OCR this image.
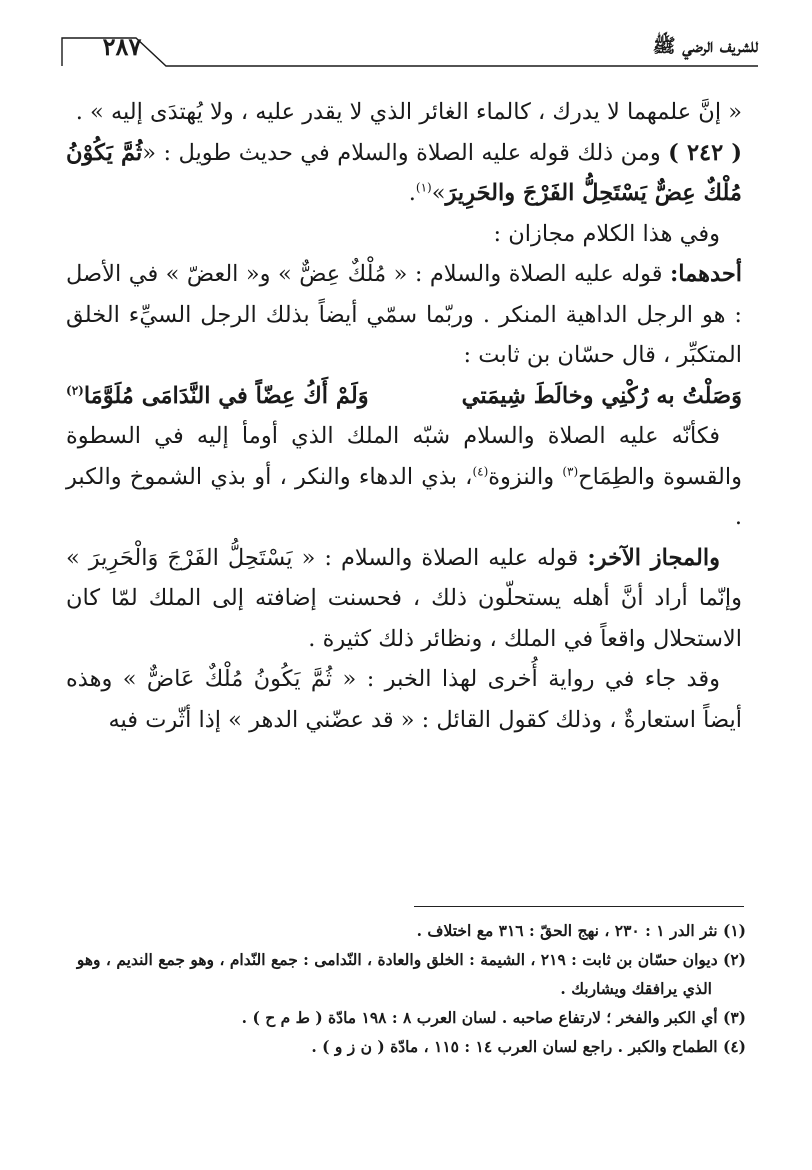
٢٨٧	للشريف الرضي ﷺ

« إنَّ علمهما لا يدرك ، كالماء الغائر الذي لا يقدر عليه ، ولا يُهتدَى إليه » .

( ٢٤٢ ) ومن ذلك قوله عليه الصلاة والسلام في حديث طويل : «ثُمَّ يَكُوْنُ مُلْكٌ عِضٌّ يَسْتَحِلُّ الفَرْجَ والحَرِيرَ»$^{(١)}$.

وفي هذا الكلام مجازان :

أحدهما: قوله عليه الصلاة والسلام : « مُلْكٌ عِضٌّ » و« العضّ » في الأصل : هو الرجل الداهية المنكر . وربّما سمّي أيضاً بذلك الرجل السيِّء الخلق المتكبِّر ، قال حسّان بن ثابت :

وَصَلْتُ به رُكْنِي وخالَطَ شِيمَتي
وَلَمْ أَكُ عِضّاً في النَّدَامَى مُلَوَّمَا$^{(٢)}$

فكأنّه عليه الصلاة والسلام شبّه الملك الذي أومأ إليه في السطوة والقسوة والطِمَاح$^{(٣)}$ والنزوة$^{(٤)}$، بذي الدهاء والنكر ، أو بذي الشموخ والكبر .

والمجاز الآخر: قوله عليه الصلاة والسلام : « يَسْتَحِلُّ الفَرْجَ وَالْحَرِيرَ » وإنّما أراد أنَّ أهله يستحلّون ذلك ، فحسنت إضافته إلى الملك لمّا كان الاستحلال واقعاً في الملك ، ونظائر ذلك كثيرة .

وقد جاء في رواية أُخرى لهذا الخبر : « ثُمَّ يَكُونُ مُلْكٌ عَاضٌّ » وهذه أيضاً استعارةٌ ، وذلك كقول القائل : « قد عضّني الدهر » إذا أثّرت فيه

(١) نثر الدر ١ : ٢٣٠ ، نهج الحقّ : ٣١٦ مع اختلاف .

(٢) ديوان حسّان بن ثابت : ٢١٩ ، الشيمة : الخلق والعادة ، النّدامى : جمع النّدام ، وهو جمع النديم ، وهو

الذي يرافقك ويشاربك .

(٣) أي الكبر والفخر ؛ لارتفاع صاحبه . لسان العرب ٨ : ١٩٨ مادّة ( ط م ح ) .

(٤) الطماح والكبر . راجع لسان العرب ١٤ : ١١٥ ، مادّة ( ن ز و ) .
